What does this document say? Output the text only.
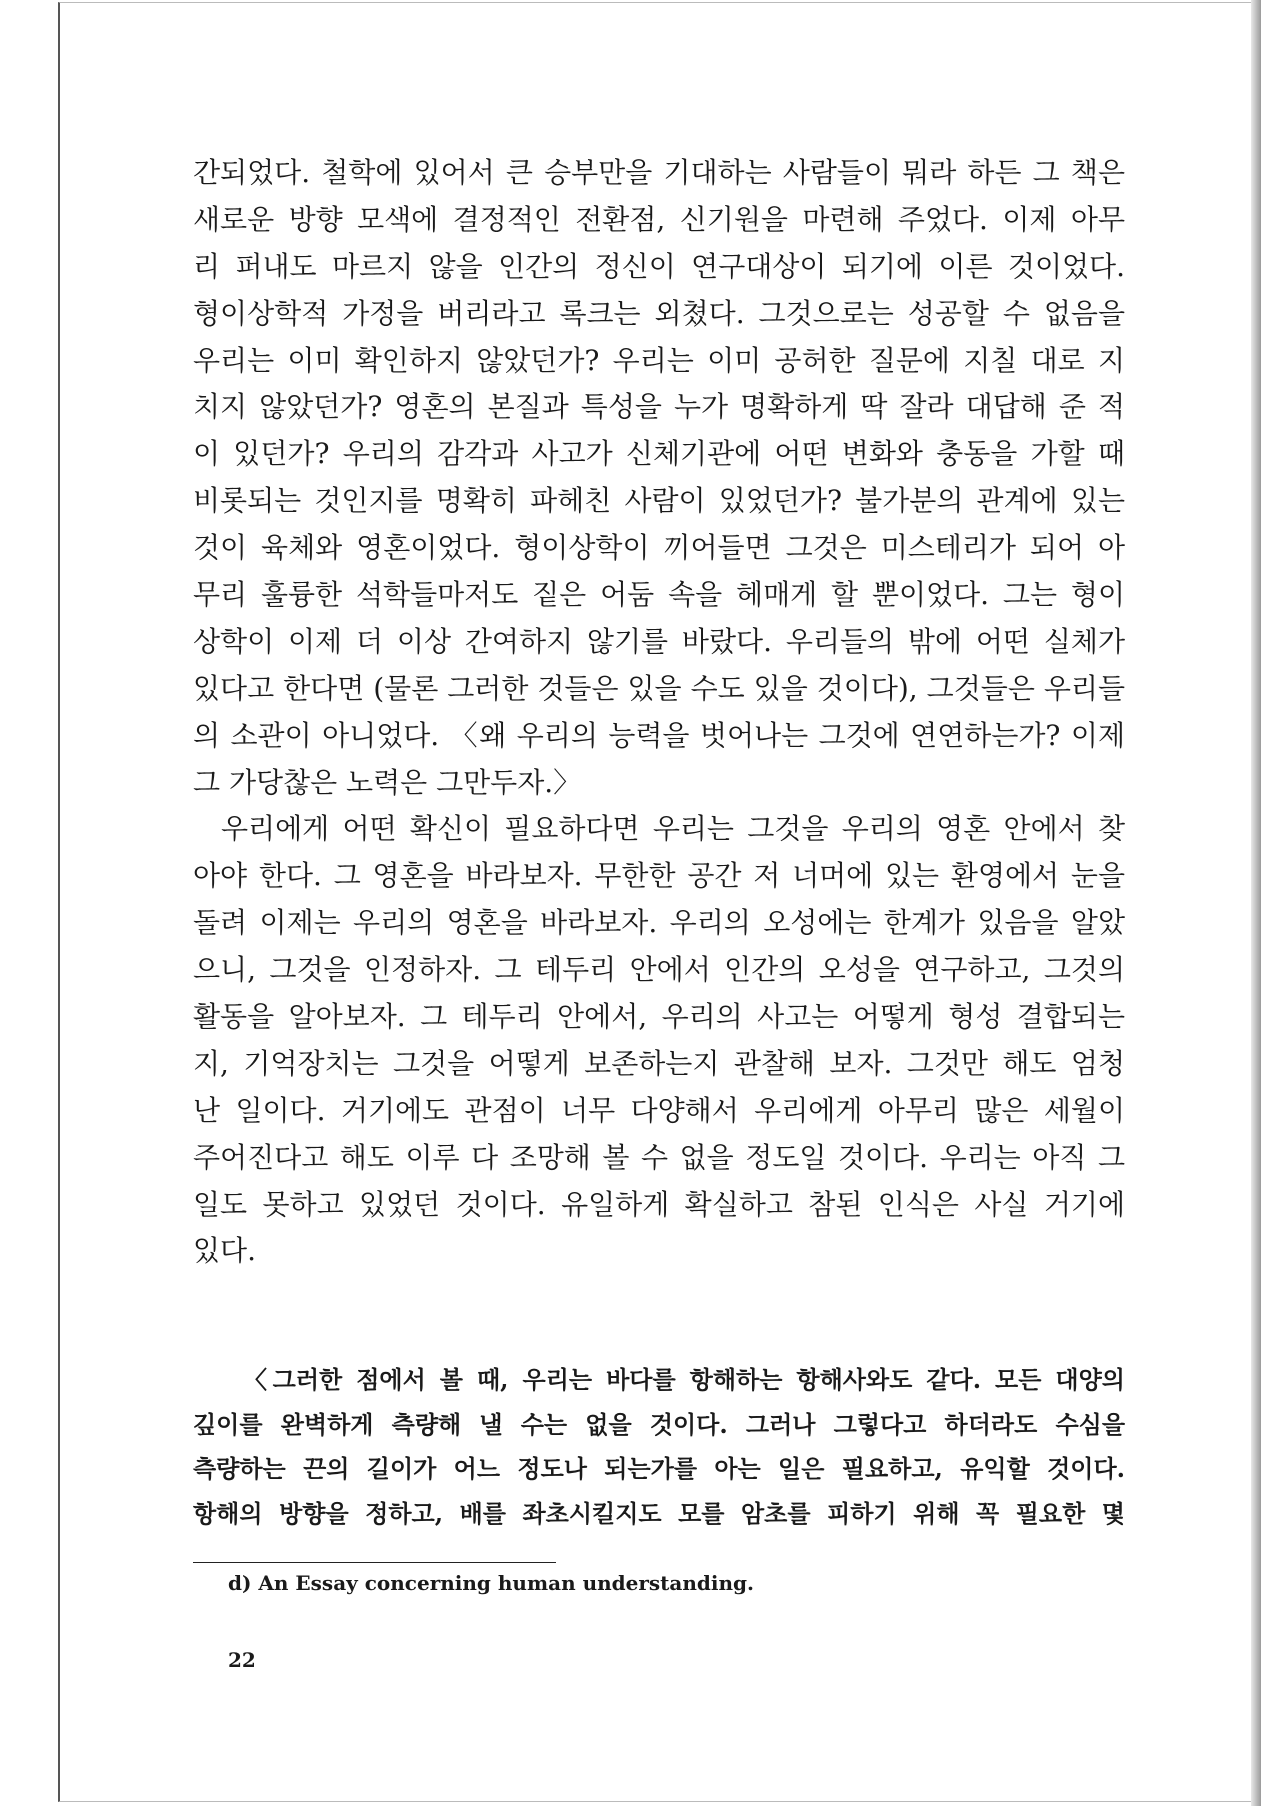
간되었다. 철학에 있어서 큰 승부만을 기대하는 사람들이 뭐라 하든 그 책은
새로운 방향 모색에 결정적인 전환점, 신기원을 마련해 주었다. 이제 아무
리 퍼내도 마르지 않을 인간의 정신이 연구대상이 되기에 이른 것이었다.
형이상학적 가정을 버리라고 록크는 외쳤다. 그것으로는 성공할 수 없음을
우리는 이미 확인하지 않았던가? 우리는 이미 공허한 질문에 지칠 대로 지
치지 않았던가? 영혼의 본질과 특성을 누가 명확하게 딱 잘라 대답해 준 적
이 있던가? 우리의 감각과 사고가 신체기관에 어떤 변화와 충동을 가할 때
비롯되는 것인지를 명확히 파헤친 사람이 있었던가? 불가분의 관계에 있는
것이 육체와 영혼이었다. 형이상학이 끼어들면 그것은 미스테리가 되어 아
무리 훌륭한 석학들마저도 짙은 어둠 속을 헤매게 할 뿐이었다. 그는 형이
상학이 이제 더 이상 간여하지 않기를 바랐다. 우리들의 밖에 어떤 실체가
있다고 한다면 (물론 그러한 것들은 있을 수도 있을 것이다), 그것들은 우리들
의 소관이 아니었다. 〈왜 우리의 능력을 벗어나는 그것에 연연하는가? 이제
그 가당찮은 노력은 그만두자.〉
우리에게 어떤 확신이 필요하다면 우리는 그것을 우리의 영혼 안에서 찾
아야 한다. 그 영혼을 바라보자. 무한한 공간 저 너머에 있는 환영에서 눈을
돌려 이제는 우리의 영혼을 바라보자. 우리의 오성에는 한계가 있음을 알았
으니, 그것을 인정하자. 그 테두리 안에서 인간의 오성을 연구하고, 그것의
활동을 알아보자. 그 테두리 안에서, 우리의 사고는 어떻게 형성 결합되는
지, 기억장치는 그것을 어떻게 보존하는지 관찰해 보자. 그것만 해도 엄청
난 일이다. 거기에도 관점이 너무 다양해서 우리에게 아무리 많은 세월이
주어진다고 해도 이루 다 조망해 볼 수 없을 정도일 것이다. 우리는 아직 그
일도 못하고 있었던 것이다. 유일하게 확실하고 참된 인식은 사실 거기에
있다.
〈그러한 점에서 볼 때, 우리는 바다를 항해하는 항해사와도 같다. 모든 대양의
깊이를 완벽하게 측량해 낼 수는 없을 것이다. 그러나 그렇다고 하더라도 수심을
측량하는 끈의 길이가 어느 정도나 되는가를 아는 일은 필요하고, 유익할 것이다.
항해의 방향을 정하고, 배를 좌초시킬지도 모를 암초를 피하기 위해 꼭 필요한 몇
d) An Essay concerning human understanding.
22
